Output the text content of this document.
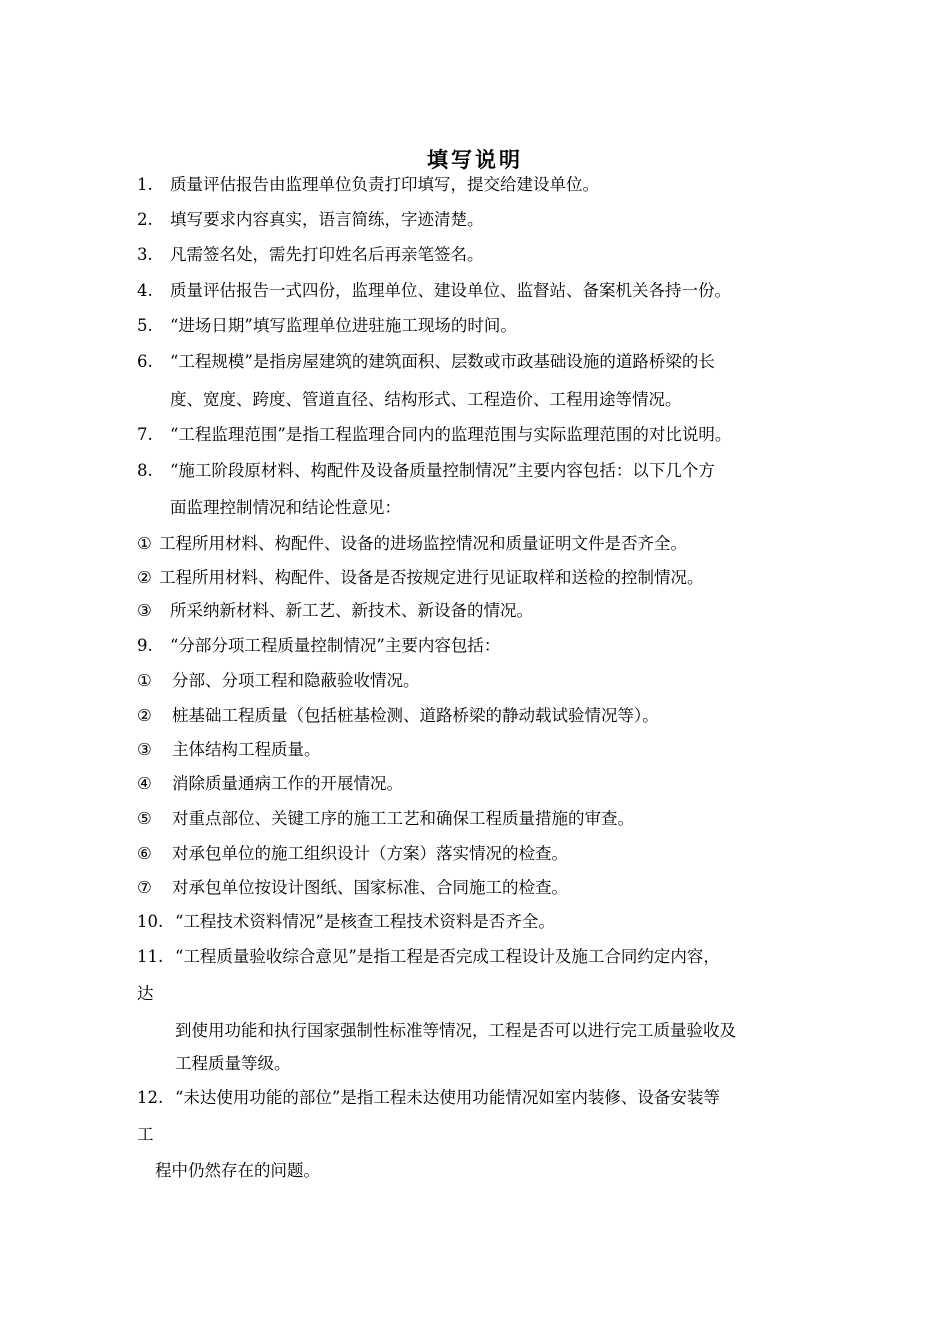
填写说明
1. 质量评估报告由监理单位负责打印填写，提交给建设单位。
2. 填写要求内容真实，语言简练，字迹清楚。
3. 凡需签名处，需先打印姓名后再亲笔签名。
4. 质量评估报告一式四份，监理单位、建设单位、监督站、备案机关各持一份。
5. “进场日期”填写监理单位进驻施工现场的时间。
6. “工程规模”是指房屋建筑的建筑面积、层数或市政基础设施的道路桥梁的长
度、宽度、跨度、管道直径、结构形式、工程造价、工程用途等情况。
7. “工程监理范围”是指工程监理合同内的监理范围与实际监理范围的对比说明。
8. “施工阶段原材料、构配件及设备质量控制情况”主要内容包括：以下几个方
面监理控制情况和结论性意见：
① 工程所用材料、构配件、设备的进场监控情况和质量证明文件是否齐全。
② 工程所用材料、构配件、设备是否按规定进行见证取样和送检的控制情况。
③ 所采纳新材料、新工艺、新技术、新设备的情况。
9. “分部分项工程质量控制情况”主要内容包括：
① 分部、分项工程和隐蔽验收情况。
② 桩基础工程质量（包括桩基检测、道路桥梁的静动载试验情况等）。
③ 主体结构工程质量。
④ 消除质量通病工作的开展情况。
⑤ 对重点部位、关键工序的施工工艺和确保工程质量措施的审查。
⑥ 对承包单位的施工组织设计（方案）落实情况的检查。
⑦ 对承包单位按设计图纸、国家标准、合同施工的检查。
10. “工程技术资料情况”是核查工程技术资料是否齐全。
11. “工程质量验收综合意见”是指工程是否完成工程设计及施工合同约定内容，
达
到使用功能和执行国家强制性标准等情况，工程是否可以进行完工质量验收及
工程质量等级。
12. “未达使用功能的部位”是指工程未达使用功能情况如室内装修、设备安装等
工
程中仍然存在的问题。
